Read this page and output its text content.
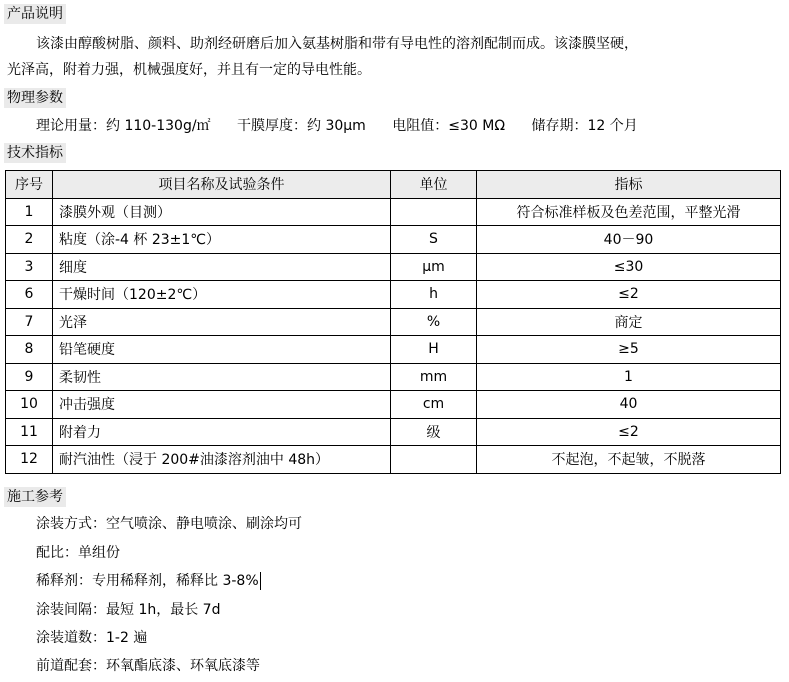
产品说明
该漆由醇酸树脂、颜料、助剂经研磨后加入氨基树脂和带有导电性的溶剂配制而成。该漆膜坚硬，
光泽高，附着力强，机械强度好，并且有一定的导电性能。
物理参数
理论用量：约 110-130g/㎡ 干膜厚度：约 30μm 电阻值：≤30 MΩ 储存期：12 个月
技术指标
序号	项目名称及试验条件	单位	指标
1	漆膜外观（目测）		符合标准样板及色差范围，平整光滑
2	粘度（涂-4 杯 23±1℃）	S	40－90
3	细度	μm	≤30
6	干燥时间（120±2℃）	h	≤2
7	光泽	%	商定
8	铅笔硬度	H	≥5
9	柔韧性	mm	1
10	冲击强度	cm	40
11	附着力	级	≤2
12	耐汽油性（浸于 200#油漆溶剂油中 48h）		不起泡，不起皱，不脱落
施工参考
涂装方式：空气喷涂、静电喷涂、刷涂均可
配比：单组份
稀释剂：专用稀释剂，稀释比 3-8%
涂装间隔：最短 1h，最长 7d
涂装道数：1-2 遍
前道配套：环氧酯底漆、环氧底漆等
